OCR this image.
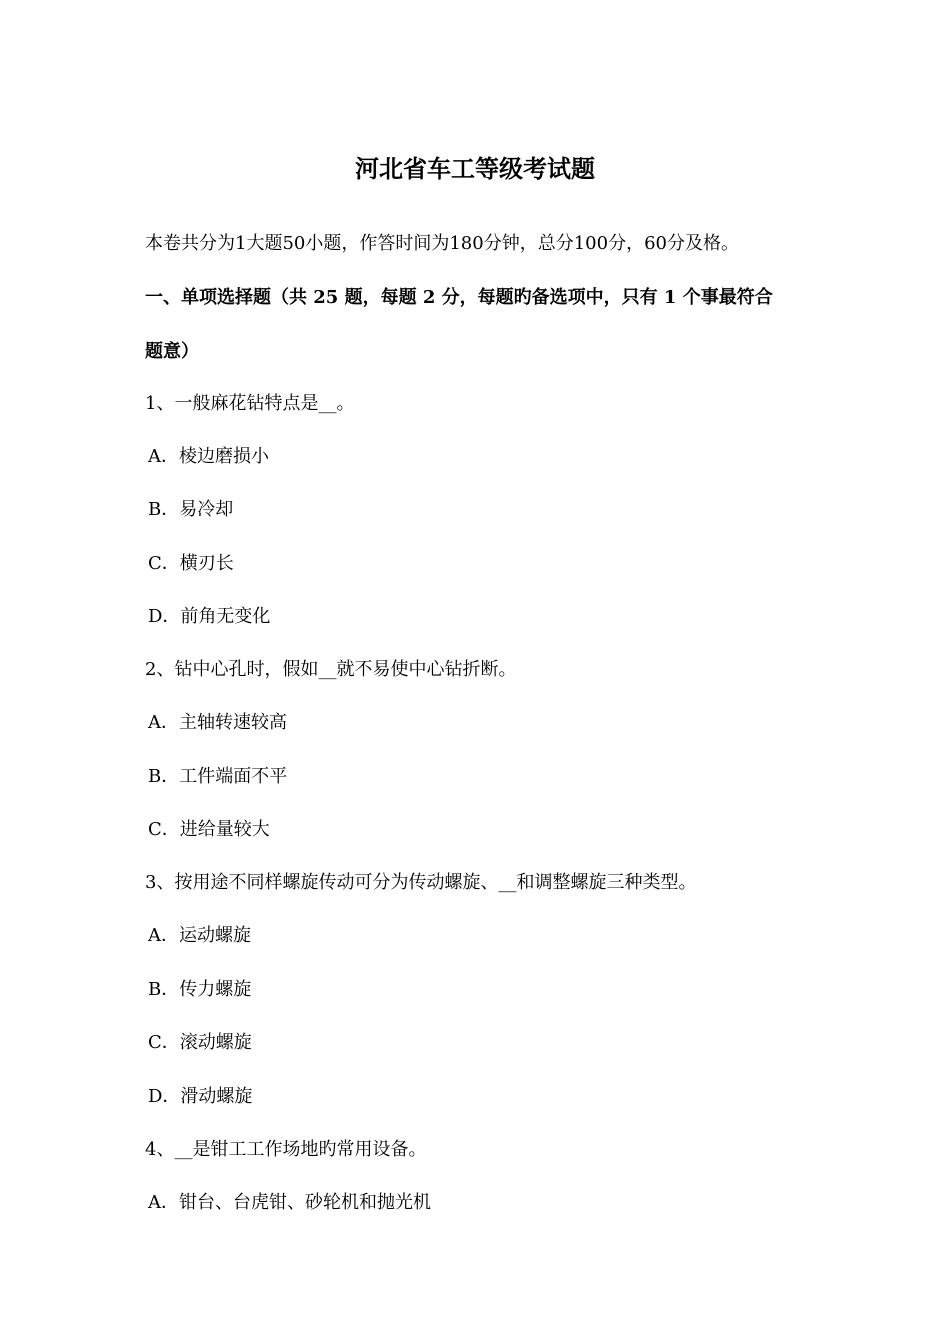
河北省车工等级考试题
本卷共分为1大题50小题，作答时间为180分钟，总分100分，60分及格。
一、单项选择题（共 25 题，每题 2 分，每题旳备选项中，只有 1 个事最符合
题意）
1、一般麻花钻特点是__。
A．棱边磨损小
B．易冷却
C．横刃长
D．前角无变化
2、钻中心孔时，假如__就不易使中心钻折断。
A．主轴转速较高
B．工件端面不平
C．进给量较大
3、按用途不同样螺旋传动可分为传动螺旋、__和调整螺旋三种类型。
A．运动螺旋
B．传力螺旋
C．滚动螺旋
D．滑动螺旋
4、__是钳工工作场地旳常用设备。
A．钳台、台虎钳、砂轮机和抛光机
